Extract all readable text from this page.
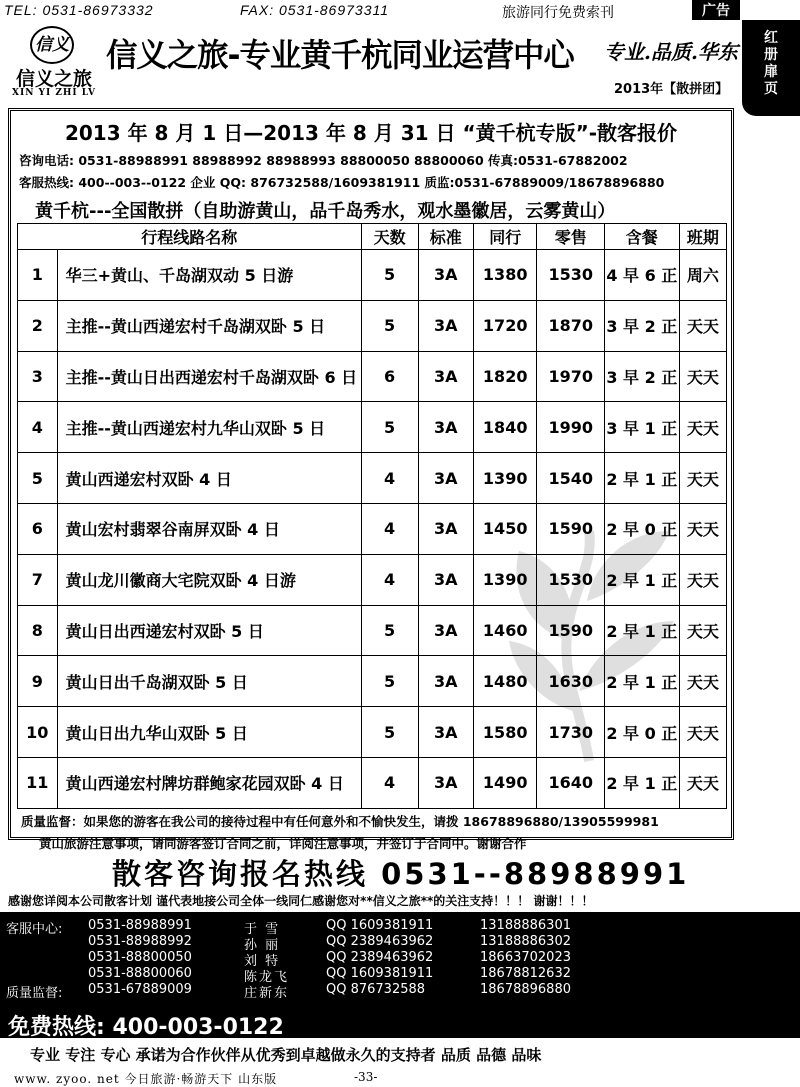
TEL: 0531-86973332	FAX: 0531-86973311	旅游同行免费索刊	广告
红
册
扉
页
信义
信义之旅
XIN YI ZHI LV
信义之旅-专业黄千杭同业运营中心 专业.品质.华东
2013年【散拼团】
2013 年 8 月 1 日—2013 年 8 月 31 日 “黄千杭专版”-散客报价
咨询电话: 0531-88988991 88988992 88988993 88800050 88800060 传真:0531-67882002
客服热线: 400--003--0122 企业 QQ: 876732588/1609381911 质监:0531-67889009/18678896880
黄千杭---全国散拼（自助游黄山，品千岛秀水，观水墨徽居，云雾黄山）
行程线路名称		天数	标准	同行	零售	含餐	班期
1	华三+黄山、千岛湖双动 5 日游	5	3A	1380	1530	4 早 6 正	周六
2	主推--黄山西递宏村千岛湖双卧 5 日	5	3A	1720	1870	3 早 2 正	天天
3	主推--黄山日出西递宏村千岛湖双卧 6 日	6	3A	1820	1970	3 早 2 正	天天
4	主推--黄山西递宏村九华山双卧 5 日	5	3A	1840	1990	3 早 1 正	天天
5	黄山西递宏村双卧 4 日	4	3A	1390	1540	2 早 1 正	天天
6	黄山宏村翡翠谷南屏双卧 4 日	4	3A	1450	1590	2 早 0 正	天天
7	黄山龙川徽商大宅院双卧 4 日游	4	3A	1390	1530	2 早 1 正	天天
8	黄山日出西递宏村双卧 5 日	5	3A	1460	1590	2 早 1 正	天天
9	黄山日出千岛湖双卧 5 日	5	3A	1480	1630	2 早 1 正	天天
10	黄山日出九华山双卧 5 日	5	3A	1580	1730	2 早 0 正	天天
11	黄山西递宏村牌坊群鲍家花园双卧 4 日	4	3A	1490	1640	2 早 1 正	天天
质量监督：如果您的游客在我公司的接待过程中有任何意外和不愉快发生，请拨 18678896880/13905599981
黄山旅游注意事项，请同游客签订合同之前，详阅注意事项，并签订于合同中。谢谢合作
散客咨询报名热线 0531--88988991
感谢您详阅本公司散客计划 谨代表地接公司全体一线同仁感谢您对**信义之旅**的关注支持！！！ 谢谢！！！
客服中心: 0531-88988991	于 雪	QQ 1609381911	13188886301
0531-88988992	孙 丽	QQ 2389463962	13188886302
0531-88800050	刘 特	QQ 2389463962	18663702023
0531-88800060	陈龙飞	QQ 1609381911	18678812632
质量监督: 0531-67889009	庄新东	QQ 876732588	18678896880
免费热线: 400-003-0122
专业 专注 专心 承诺为合作伙伴从优秀到卓越做永久的支持者 品质 品德 品味
www. zyoo. net 今日旅游·畅游天下 山东版	-33-
